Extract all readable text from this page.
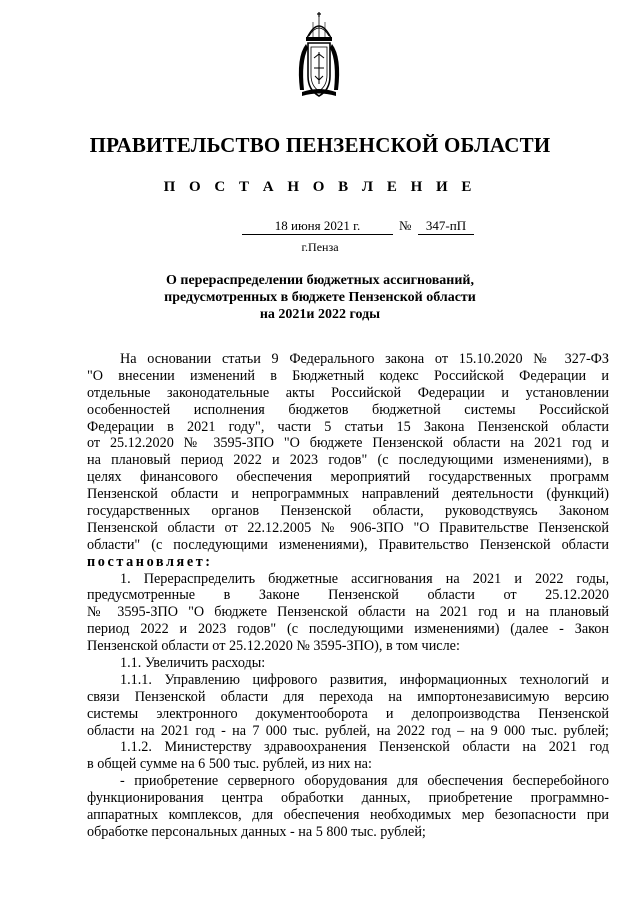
ПРАВИТЕЛЬСТВО ПЕНЗЕНСКОЙ ОБЛАСТИ
П О С Т А Н О В Л Е Н И Е
18 июня 2021 г.	№	347-пП
г.Пенза
О перераспределении бюджетных ассигнований,
предусмотренных в бюджете Пензенской области
на 2021и 2022 годы
На основании статьи 9 Федерального закона от 15.10.2020 № 327-ФЗ
"О внесении изменений в Бюджетный кодекс Российской Федерации и
отдельные законодательные акты Российской Федерации и установлении
особенностей исполнения бюджетов бюджетной системы Российской
Федерации в 2021 году", части 5 статьи 15 Закона Пензенской области
от 25.12.2020 № 3595-ЗПО "О бюджете Пензенской области на 2021 год и
на плановый период 2022 и 2023 годов" (с последующими изменениями), в
целях финансового обеспечения мероприятий государственных программ
Пензенской области и непрограммных направлений деятельности (функций)
государственных органов Пензенской области, руководствуясь Законом
Пензенской области от 22.12.2005 № 906-ЗПО "О Правительстве Пензенской
области" (с последующими изменениями), Правительство Пензенской области
постановляет:
1. Перераспределить бюджетные ассигнования на 2021 и 2022 годы,
предусмотренные в Законе Пензенской области от 25.12.2020
№ 3595-ЗПО "О бюджете Пензенской области на 2021 год и на плановый
период 2022 и 2023 годов" (с последующими изменениями) (далее - Закон
Пензенской области от 25.12.2020 № 3595-ЗПО), в том числе:
1.1. Увеличить расходы:
1.1.1. Управлению цифрового развития, информационных технологий и
связи Пензенской области для перехода на импортонезависимую версию
системы электронного документооборота и делопроизводства Пензенской
области на 2021 год - на 7 000 тыс. рублей, на 2022 год – на 9 000 тыс. рублей;
1.1.2. Министерству здравоохранения Пензенской области на 2021 год
в общей сумме на 6 500 тыс. рублей, из них на:
- приобретение серверного оборудования для обеспечения бесперебойного
функционирования центра обработки данных, приобретение программно-
аппаратных комплексов, для обеспечения необходимых мер безопасности при
обработке персональных данных - на 5 800 тыс. рублей;
